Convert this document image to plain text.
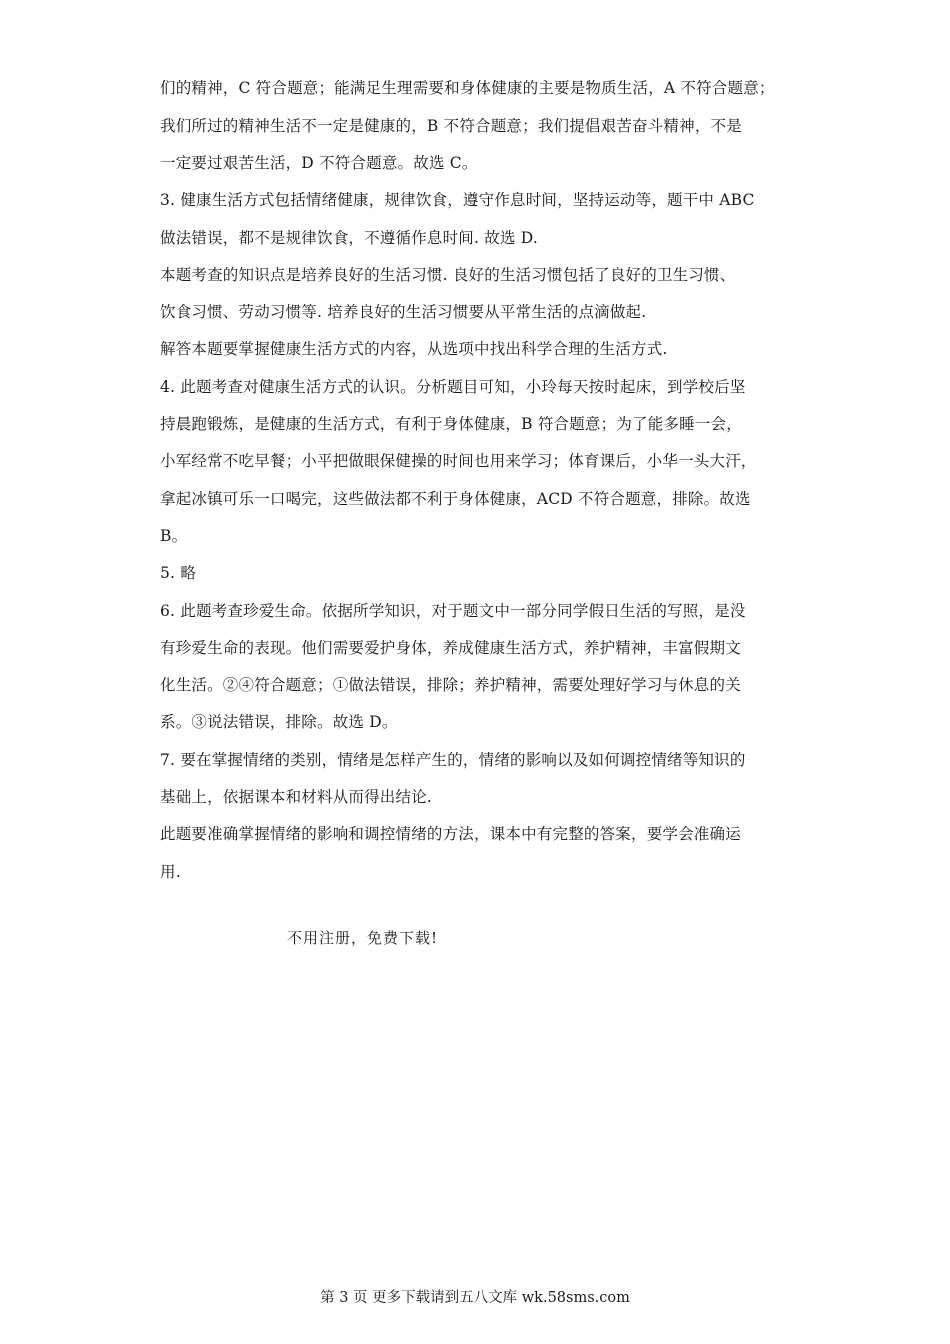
们的精神，C 符合题意；能满足生理需要和身体健康的主要是物质生活，A 不符合题意；
我们所过的精神生活不一定是健康的，B 不符合题意；我们提倡艰苦奋斗精神，不是
一定要过艰苦生活，D 不符合题意。故选 C。
3. 健康生活方式包括情绪健康，规律饮食，遵守作息时间，坚持运动等，题干中 ABC
做法错误，都不是规律饮食，不遵循作息时间. 故选 D.
本题考查的知识点是培养良好的生活习惯. 良好的生活习惯包括了良好的卫生习惯、
饮食习惯、劳动习惯等. 培养良好的生活习惯要从平常生活的点滴做起.
解答本题要掌握健康生活方式的内容，从选项中找出科学合理的生活方式.
4. 此题考查对健康生活方式的认识。分析题目可知，小玲每天按时起床，到学校后坚
持晨跑锻炼，是健康的生活方式，有利于身体健康，B 符合题意；为了能多睡一会，
小军经常不吃早餐；小平把做眼保健操的时间也用来学习；体育课后，小华一头大汗，
拿起冰镇可乐一口喝完，这些做法都不利于身体健康，ACD 不符合题意，排除。故选
B。
5. 略
6. 此题考查珍爱生命。依据所学知识，对于题文中一部分同学假日生活的写照，是没
有珍爱生命的表现。他们需要爱护身体，养成健康生活方式，养护精神，丰富假期文
化生活。②④符合题意；①做法错误，排除；养护精神，需要处理好学习与休息的关
系。③说法错误，排除。故选 D。
7. 要在掌握情绪的类别，情绪是怎样产生的，情绪的影响以及如何调控情绪等知识的
基础上，依据课本和材料从而得出结论.
此题要准确掌握情绪的影响和调控情绪的方法，课本中有完整的答案，要学会准确运
用.
不用注册，免费下载!
第 3 页 更多下载请到五八文库 wk.58sms.com
